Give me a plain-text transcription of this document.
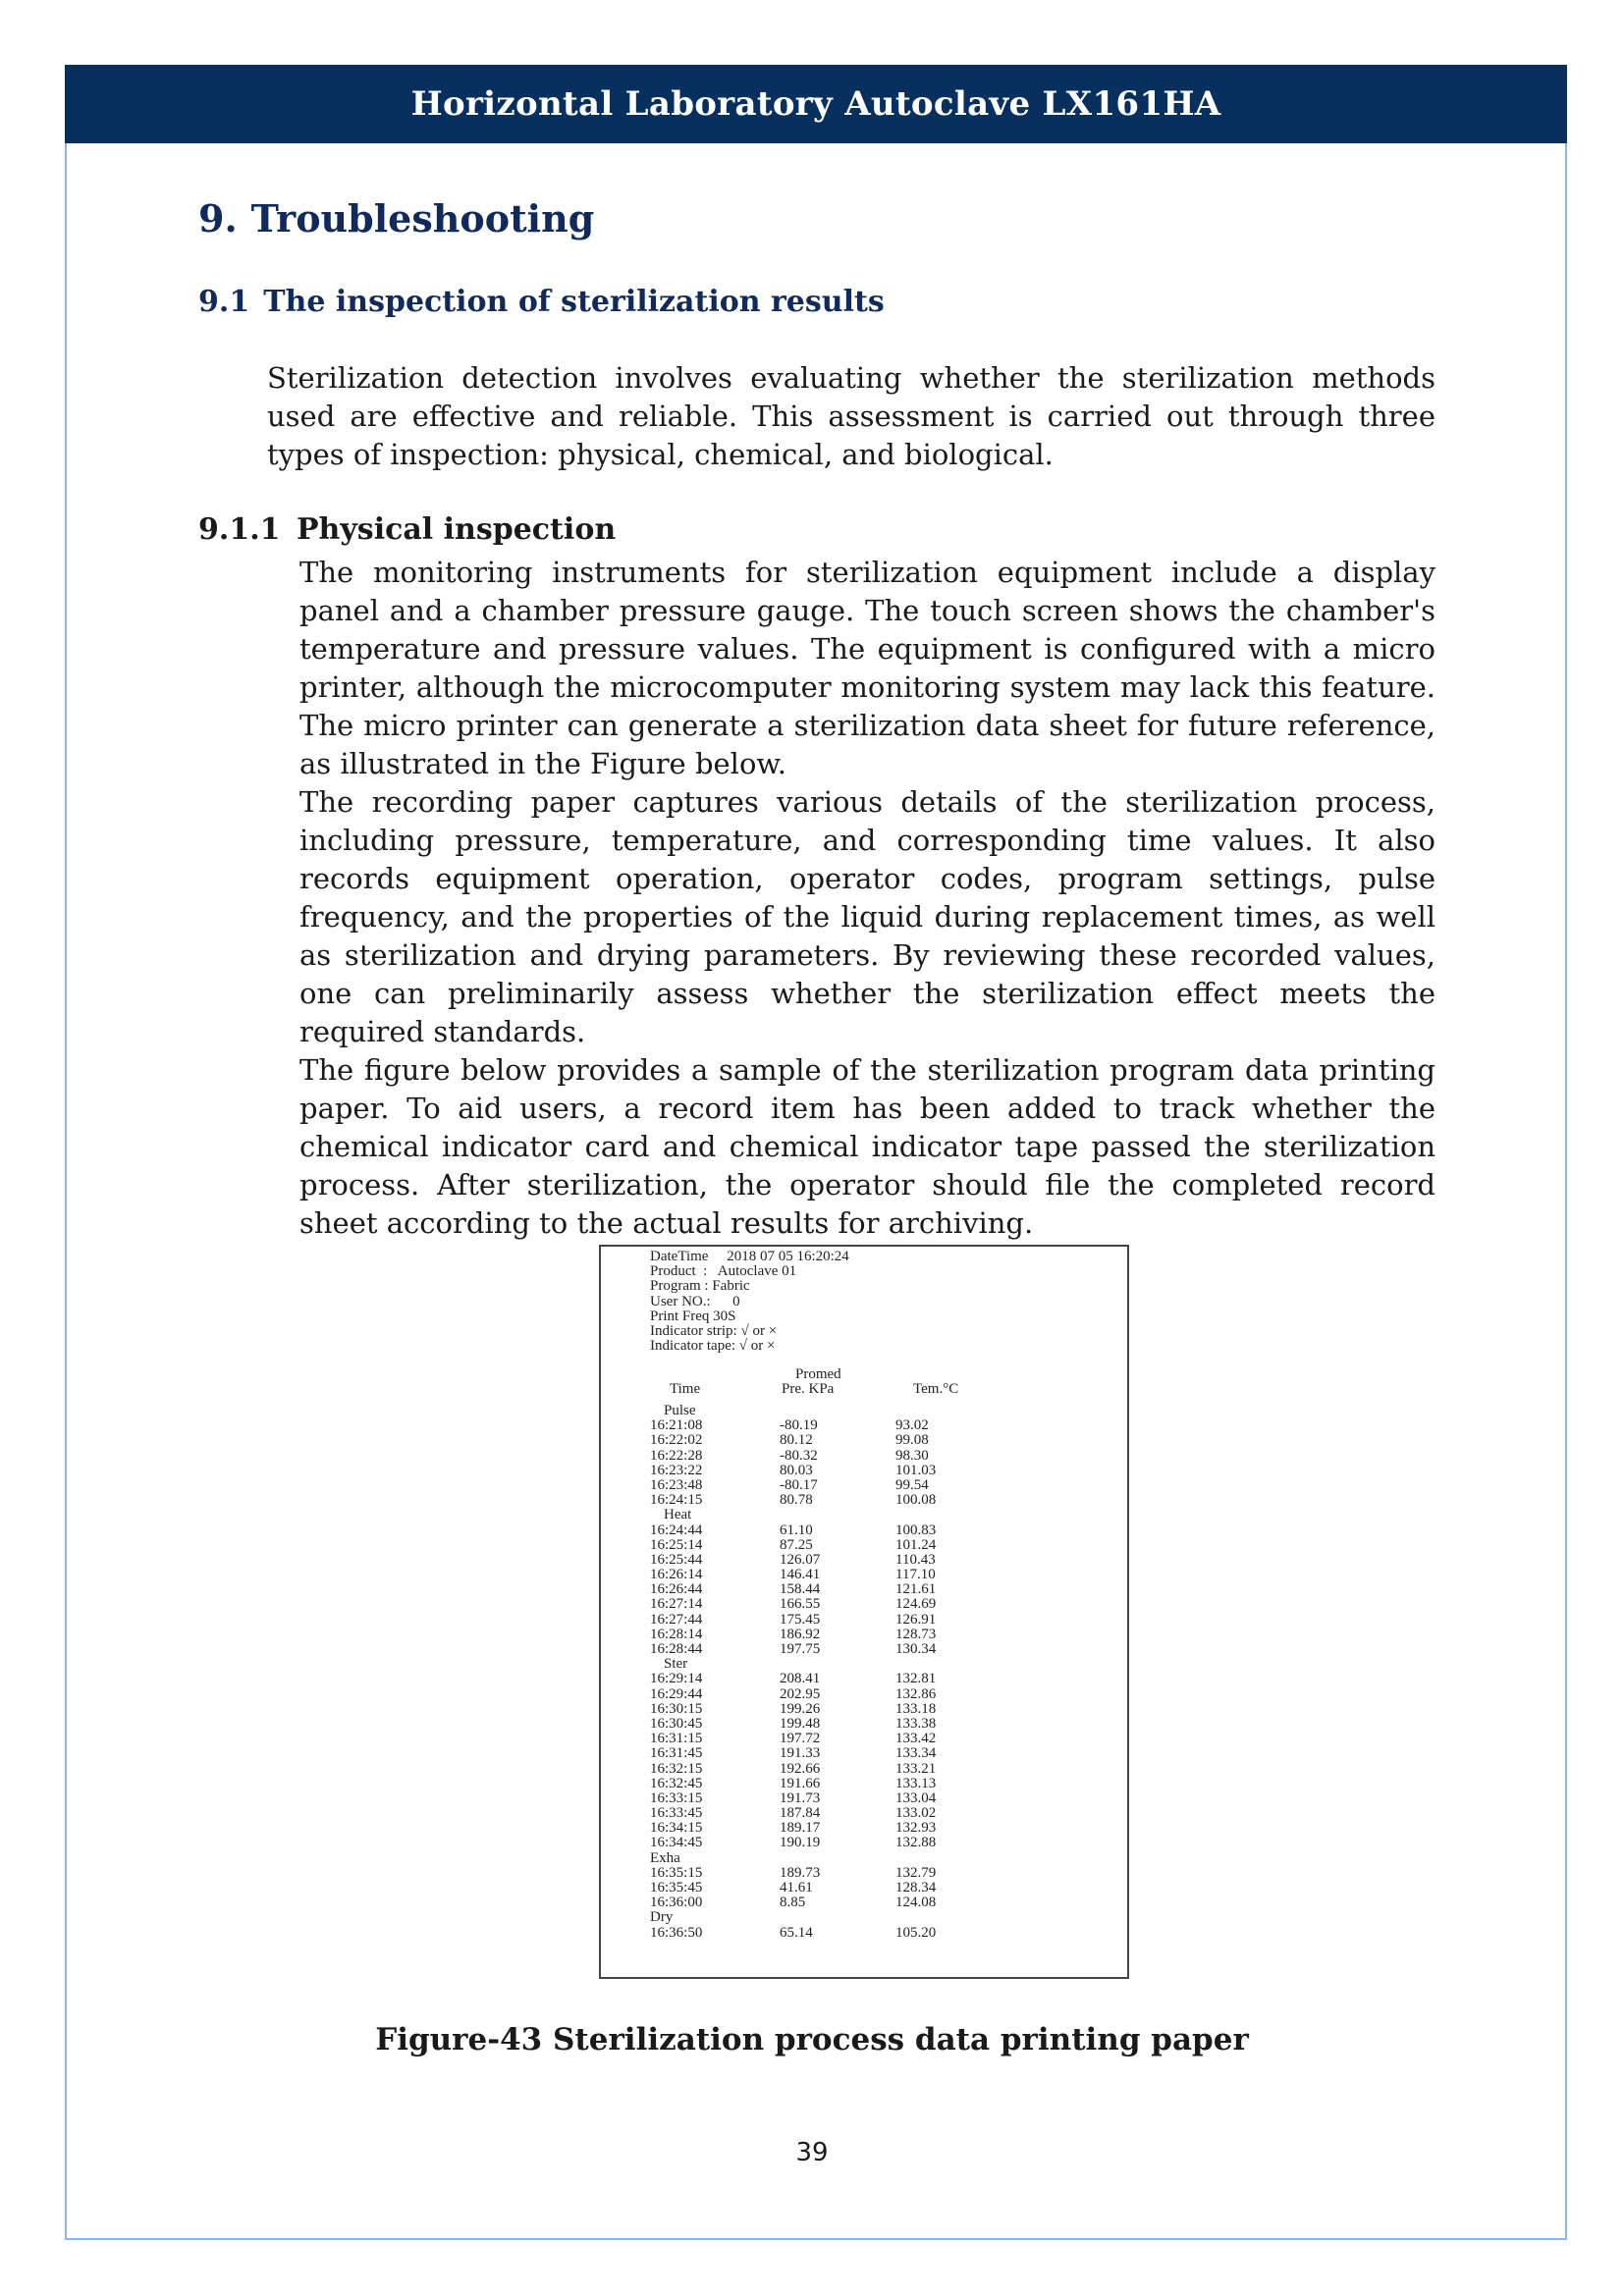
Horizontal Laboratory Autoclave LX161HA
9. Troubleshooting
9.1 The inspection of sterilization results
Sterilization detection involves evaluating whether the sterilization methods used are effective and reliable. This assessment is carried out through three types of inspection: physical, chemical, and biological.
9.1.1 Physical inspection

The monitoring instruments for sterilization equipment include a display panel and a chamber pressure gauge. The touch screen shows the chamber's temperature and pressure values. The equipment is configured with a micro printer, although the microcomputer monitoring system may lack this feature. The micro printer can generate a sterilization data sheet for future reference, as illustrated in the Figure below.

The recording paper captures various details of the sterilization process, including pressure, temperature, and corresponding time values. It also records equipment operation, operator codes, program settings, pulse frequency, and the properties of the liquid during replacement times, as well as sterilization and drying parameters. By reviewing these recorded values, one can preliminarily assess whether the sterilization effect meets the required standards.

The figure below provides a sample of the sterilization program data printing paper. To aid users, a record item has been added to track whether the chemical indicator card and chemical indicator tape passed the sterilization process. After sterilization, the operator should file the completed record sheet according to the actual results for archiving.

DateTime     2018 07 05 16:20:24
Product  :   Autoclave 01
Program : Fabric
User NO.:      0
Print Freq 30S
Indicator strip: √ or ×
Indicator tape: √ or ×
Promed
Time	Pre. KPa	Tem.°C
Pulse
16:21:08	-80.19	93.02
16:22:02	80.12	99.08
16:22:28	-80.32	98.30
16:23:22	80.03	101.03
16:23:48	-80.17	99.54
16:24:15	80.78	100.08
Heat
16:24:44	61.10	100.83
16:25:14	87.25	101.24
16:25:44	126.07	110.43
16:26:14	146.41	117.10
16:26:44	158.44	121.61
16:27:14	166.55	124.69
16:27:44	175.45	126.91
16:28:14	186.92	128.73
16:28:44	197.75	130.34
Ster
16:29:14	208.41	132.81
16:29:44	202.95	132.86
16:30:15	199.26	133.18
16:30:45	199.48	133.38
16:31:15	197.72	133.42
16:31:45	191.33	133.34
16:32:15	192.66	133.21
16:32:45	191.66	133.13
16:33:15	191.73	133.04
16:33:45	187.84	133.02
16:34:15	189.17	132.93
16:34:45	190.19	132.88
Exha
16:35:15	189.73	132.79
16:35:45	41.61	128.34
16:36:00	8.85	124.08
Dry
16:36:50	65.14	105.20
Figure-43 Sterilization process data printing paper
39
